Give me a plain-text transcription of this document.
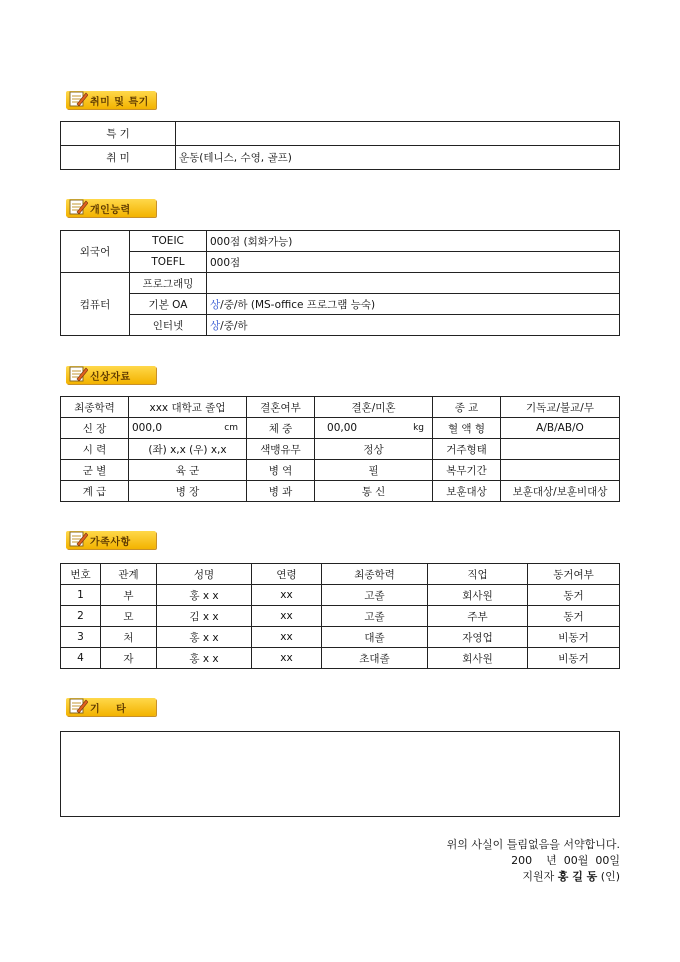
취미 및 특기
특 기	
취 미	운동(테니스, 수영, 골프)
개인능력
외국어	TOEIC	000점 (회화가능)
	TOEFL	000점
컴퓨터	프로그래밍	
	기본 OA	상/중/하 (MS-office 프로그램 능숙)
	인터넷	상/중/하
신상자료
최종학력	xxx 대학교 졸업		결혼여부	결혼/미혼		종 교	기독교/불교/무
신 장	000,0	cm	체 중	00,00	kg	혈 액 형	A/B/AB/O
시 력	(좌) x,x (우) x,x		색맹유무	정상		거주형태	
군 별	육 군		병 역	필		복무기간	
계 급	병 장		병 과	통 신		보훈대상	보훈대상/보훈비대상
가족사항
번호	관계	성명	연령	최종학력	직업	동거여부
1	부	홍 x x	xx	고졸	회사원	동거
2	모	김 x x	xx	고졸	주부	동거
3	처	홍 x x	xx	대졸	자영업	비동거
4	자	홍 x x	xx	초대졸	회사원	비동거
기    타
위의 사실이 틀림없음을 서약합니다.
200    년  00월  00일
지원자 홍 길 동 (인)
